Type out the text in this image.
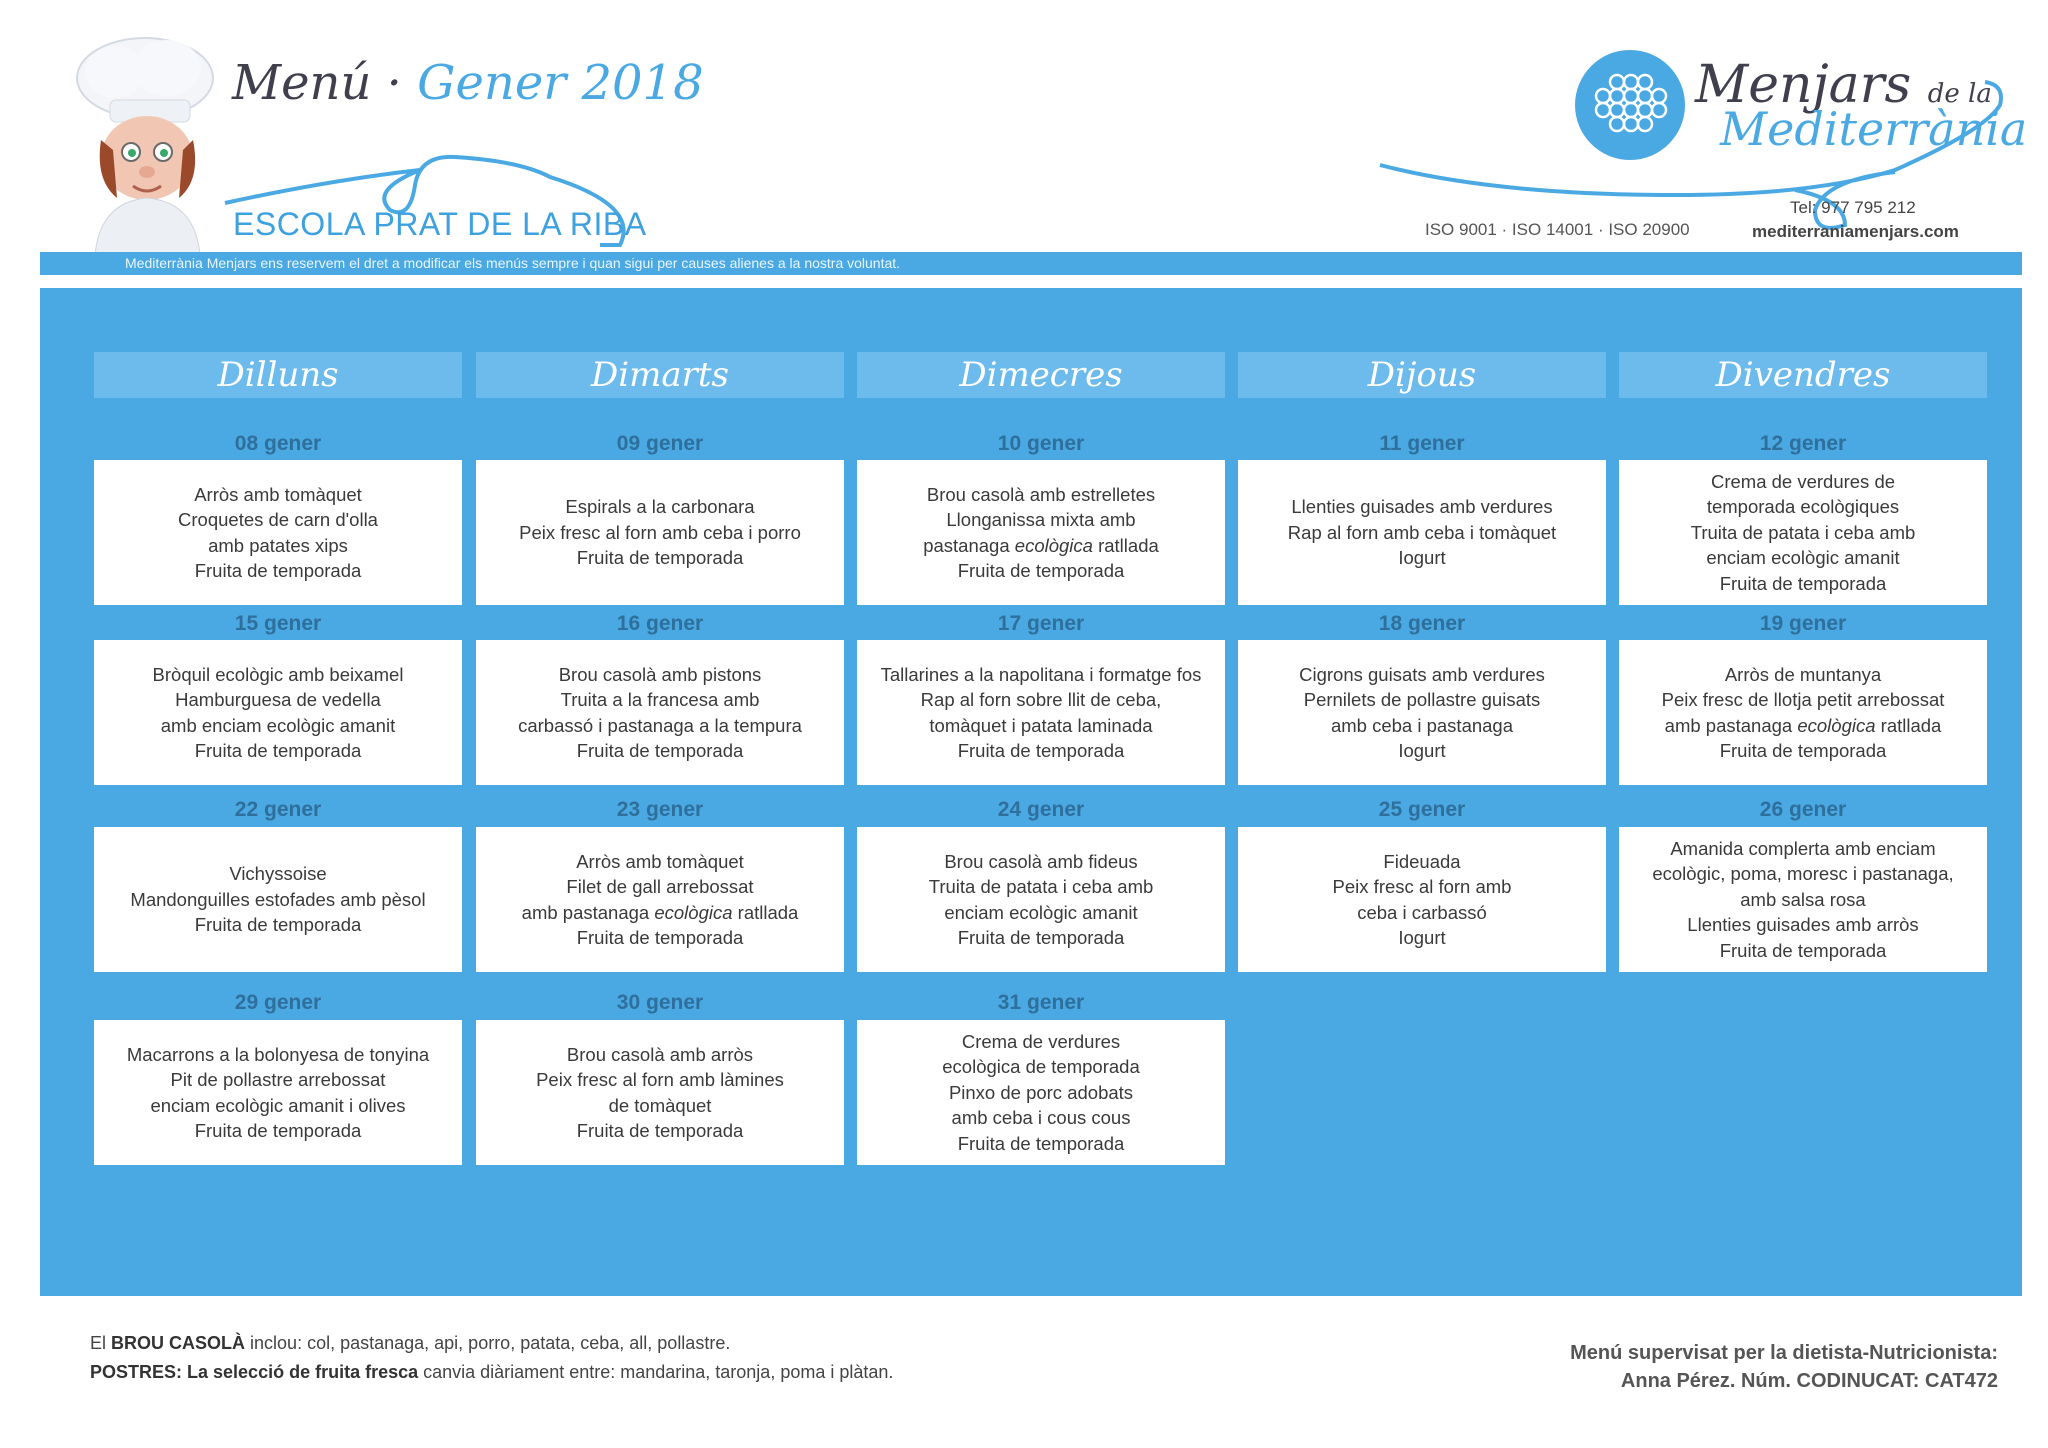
Menú · Gener 2018
ESCOLA PRAT DE LA RIBA
Menjars de la
Mediterrània
ISO 9001 · ISO 14001 · ISO 20900
Tel: 977 795 212
mediterraniamenjars.com
Mediterrània Menjars ens reservem el dret a modificar els menús sempre i quan sigui per causes alienes a la nostra voluntat.
Dilluns	Dimarts	Dimecres	Dijous	Divendres
08 gener
Arròs amb tomàquet
Croquetes de carn d'olla
amb patates xips
Fruita de temporada
09 gener
Espirals a la carbonara
Peix fresc al forn amb ceba i porro
Fruita de temporada
10 gener
Brou casolà amb estrelletes
Llonganissa mixta amb
pastanaga ecològica ratllada
Fruita de temporada
11 gener
Llenties guisades amb verdures
Rap al forn amb ceba i tomàquet
Iogurt
12 gener
Crema de verdures de
temporada ecològiques
Truita de patata i ceba amb
enciam ecològic amanit
Fruita de temporada
15 gener
Bròquil ecològic amb beixamel
Hamburguesa de vedella
amb enciam ecològic amanit
Fruita de temporada
16 gener
Brou casolà amb pistons
Truita a la francesa amb
carbassó i pastanaga a la tempura
Fruita de temporada
17 gener
Tallarines a la napolitana i formatge fos
Rap al forn sobre llit de ceba,
tomàquet i patata laminada
Fruita de temporada
18 gener
Cigrons guisats amb verdures
Pernilets de pollastre guisats
amb ceba i pastanaga
Iogurt
19 gener
Arròs de muntanya
Peix fresc de llotja petit arrebossat
amb pastanaga ecològica ratllada
Fruita de temporada
22 gener
Vichyssoise
Mandonguilles estofades amb pèsol
Fruita de temporada
23 gener
Arròs amb tomàquet
Filet de gall arrebossat
amb pastanaga ecològica ratllada
Fruita de temporada
24 gener
Brou casolà amb fideus
Truita de patata i ceba amb
enciam ecològic amanit
Fruita de temporada
25 gener
Fideuada
Peix fresc al forn amb
ceba i carbassó
Iogurt
26 gener
Amanida complerta amb enciam
ecològic, poma, moresc i pastanaga,
amb salsa rosa
Llenties guisades amb arròs
Fruita de temporada
29 gener
Macarrons a la bolonyesa de tonyina
Pit de pollastre arrebossat
enciam ecològic amanit i olives
Fruita de temporada
30 gener
Brou casolà amb arròs
Peix fresc al forn amb làmines
de tomàquet
Fruita de temporada
31 gener
Crema de verdures
ecològica de temporada
Pinxo de porc adobats
amb ceba i cous cous
Fruita de temporada
El BROU CASOLÀ inclou: col, pastanaga, api, porro, patata, ceba, all, pollastre.
POSTRES: La selecció de fruita fresca canvia diàriament entre: mandarina, taronja, poma i plàtan.
Menú supervisat per la dietista-Nutricionista:
Anna Pérez. Núm. CODINUCAT: CAT472
